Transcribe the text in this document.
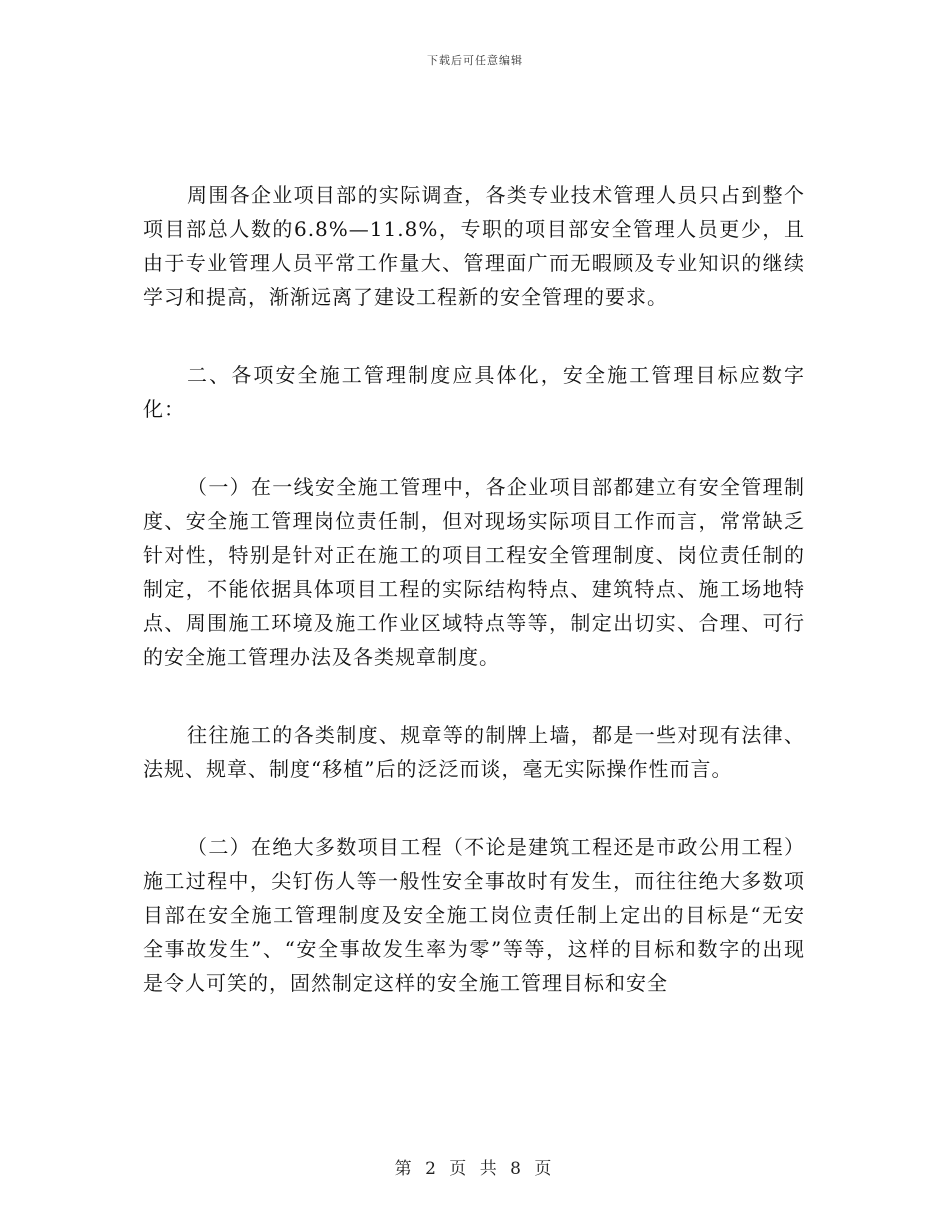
下载后可任意编辑

周围各企业项目部的实际调查，各类专业技术管理人员只占到整个项目部总人数的6.8%—11.8%，专职的项目部安全管理人员更少，且由于专业管理人员平常工作量大、管理面广而无暇顾及专业知识的继续学习和提高，渐渐远离了建设工程新的安全管理的要求。

二、各项安全施工管理制度应具体化，安全施工管理目标应数字化：

（一）在一线安全施工管理中，各企业项目部都建立有安全管理制度、安全施工管理岗位责任制，但对现场实际项目工作而言，常常缺乏针对性，特别是针对正在施工的项目工程安全管理制度、岗位责任制的制定，不能依据具体项目工程的实际结构特点、建筑特点、施工场地特点、周围施工环境及施工作业区域特点等等，制定出切实、合理、可行的安全施工管理办法及各类规章制度。

往往施工的各类制度、规章等的制牌上墙，都是一些对现有法律、法规、规章、制度“移植”后的泛泛而谈，毫无实际操作性而言。

（二）在绝大多数项目工程（不论是建筑工程还是市政公用工程）施工过程中，尖钉伤人等一般性安全事故时有发生，而往往绝大多数项目部在安全施工管理制度及安全施工岗位责任制上定出的目标是“无安全事故发生”、“安全事故发生率为零”等等，这样的目标和数字的出现是令人可笑的，固然制定这样的安全施工管理目标和安全

第 2 页 共 8 页
